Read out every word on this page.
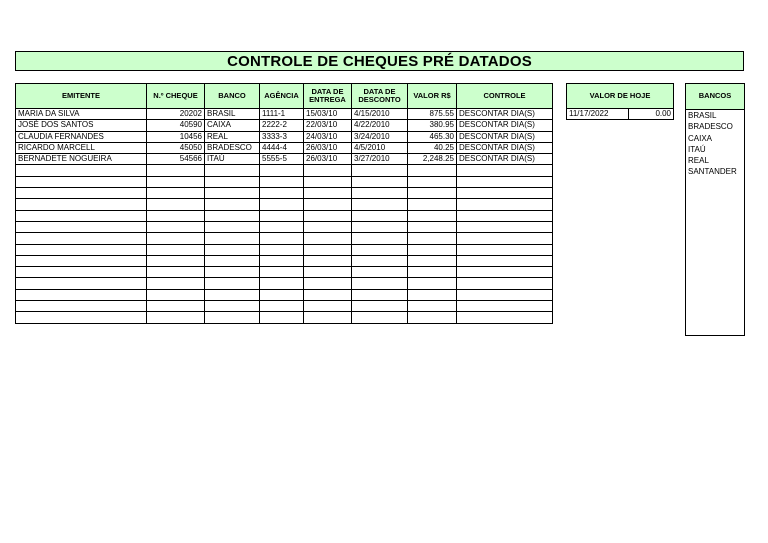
CONTROLE DE CHEQUES PRÉ DATADOS
EMITENTE	N.º CHEQUE	BANCO	AGÊNCIA	DATA DE ENTREGA	DATA DE DESCONTO	VALOR R$	CONTROLE
MARIA DA SILVA	20202	BRASIL	1111-1	15/03/10	4/15/2010	875.55	DESCONTAR DIA(S)
JOSÉ DOS SANTOS	40590	CAIXA	2222-2	22/03/10	4/22/2010	380.95	DESCONTAR DIA(S)
CLAUDIA FERNANDES	10456	REAL	3333-3	24/03/10	3/24/2010	465.30	DESCONTAR DIA(S)
RICARDO MARCELL	45050	BRADESCO	4444-4	26/03/10	4/5/2010	40.25	DESCONTAR DIA(S)
BERNADETE NOGUEIRA	54566	ITAÚ	5555-5	26/03/10	3/27/2010	2,248.25	DESCONTAR DIA(S)

VALOR DE HOJE
11/17/2022	0.00
BANCOS
BRASIL
BRADESCO
CAIXA
ITAÚ
REAL
SANTANDER
